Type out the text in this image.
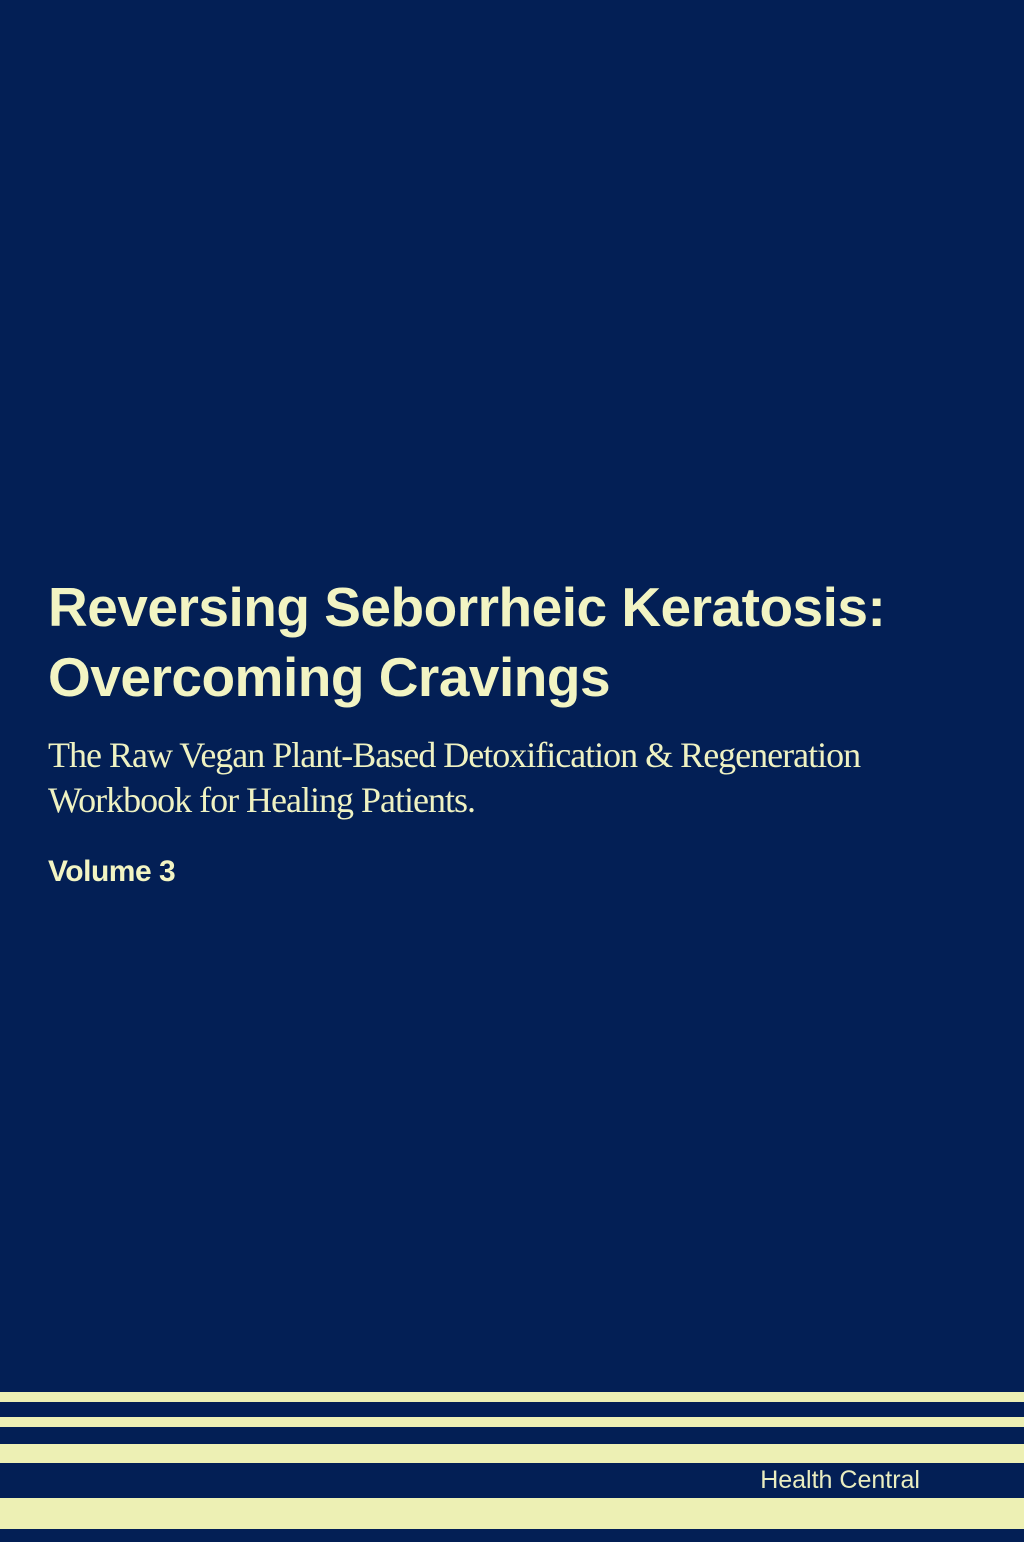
Reversing Seborrheic Keratosis:
Overcoming Cravings
The Raw Vegan Plant-Based Detoxification & Regeneration
Workbook for Healing Patients.
Volume 3
Health Central
